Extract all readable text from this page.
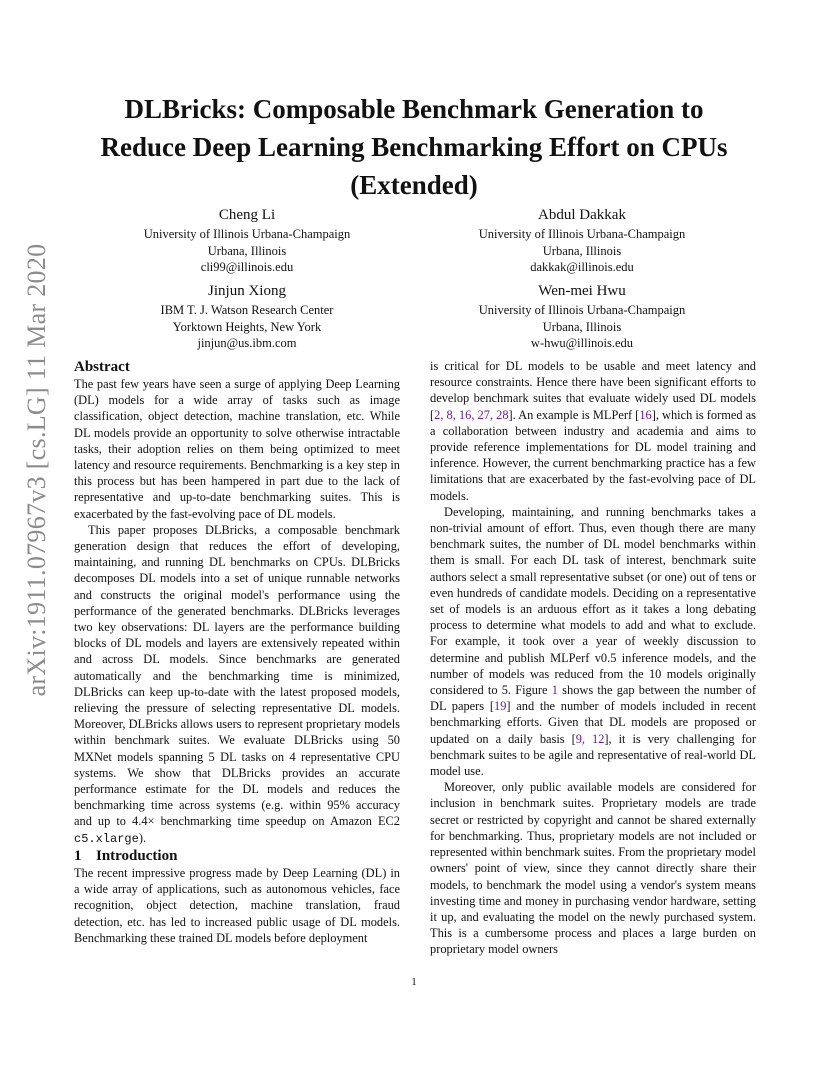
arXiv:1911.07967v3 [cs.LG] 11 Mar 2020
DLBricks: Composable Benchmark Generation to
Reduce Deep Learning Benchmarking Effort on CPUs
(Extended)
Cheng Li
University of Illinois Urbana-Champaign
Urbana, Illinois
cli99@illinois.edu
Abdul Dakkak
University of Illinois Urbana-Champaign
Urbana, Illinois
dakkak@illinois.edu
Jinjun Xiong
IBM T. J. Watson Research Center
Yorktown Heights, New York
jinjun@us.ibm.com
Wen-mei Hwu
University of Illinois Urbana-Champaign
Urbana, Illinois
w-hwu@illinois.edu
Abstract

The past few years have seen a surge of applying Deep Learning (DL) models for a wide array of tasks such as image classification, object detection, machine translation, etc. While DL models provide an opportunity to solve otherwise intractable tasks, their adoption relies on them being optimized to meet latency and resource requirements. Benchmarking is a key step in this process but has been hampered in part due to the lack of representative and up-to-date benchmarking suites. This is exacerbated by the fast-evolving pace of DL models.

This paper proposes DLBricks, a composable benchmark generation design that reduces the effort of developing, maintaining, and running DL benchmarks on CPUs. DLBricks decomposes DL models into a set of unique runnable networks and constructs the original model's performance using the performance of the generated benchmarks. DLBricks leverages two key observations: DL layers are the performance building blocks of DL models and layers are extensively repeated within and across DL models. Since benchmarks are generated automatically and the benchmarking time is minimized, DLBricks can keep up-to-date with the latest proposed models, relieving the pressure of selecting representative DL models. Moreover, DLBricks allows users to represent proprietary models within benchmark suites. We evaluate DLBricks using 50 MXNet models spanning 5 DL tasks on 4 representative CPU systems. We show that DLBricks provides an accurate performance estimate for the DL models and reduces the benchmarking time across systems (e.g. within 95% accuracy and up to 4.4× benchmarking time speedup on Amazon EC2 c5.xlarge).

1 Introduction

The recent impressive progress made by Deep Learning (DL) in a wide array of applications, such as autonomous vehicles, face recognition, object detection, machine translation, fraud detection, etc. has led to increased public usage of DL models. Benchmarking these trained DL models before deployment

is critical for DL models to be usable and meet latency and resource constraints. Hence there have been significant efforts to develop benchmark suites that evaluate widely used DL models [2, 8, 16, 27, 28]. An example is MLPerf [16], which is formed as a collaboration between industry and academia and aims to provide reference implementations for DL model training and inference. However, the current benchmarking practice has a few limitations that are exacerbated by the fast-evolving pace of DL models.

Developing, maintaining, and running benchmarks takes a non-trivial amount of effort. Thus, even though there are many benchmark suites, the number of DL model benchmarks within them is small. For each DL task of interest, benchmark suite authors select a small representative subset (or one) out of tens or even hundreds of candidate models. Deciding on a representative set of models is an arduous effort as it takes a long debating process to determine what models to add and what to exclude. For example, it took over a year of weekly discussion to determine and publish MLPerf v0.5 inference models, and the number of models was reduced from the 10 models originally considered to 5. Figure 1 shows the gap between the number of DL papers [19] and the number of models included in recent benchmarking efforts. Given that DL models are proposed or updated on a daily basis [9, 12], it is very challenging for benchmark suites to be agile and representative of real-world DL model use.

Moreover, only public available models are considered for inclusion in benchmark suites. Proprietary models are trade secret or restricted by copyright and cannot be shared externally for benchmarking. Thus, proprietary models are not included or represented within benchmark suites. From the proprietary model owners' point of view, since they cannot directly share their models, to benchmark the model using a vendor's system means investing time and money in purchasing vendor hardware, setting it up, and evaluating the model on the newly purchased system. This is a cumbersome process and places a large burden on proprietary model owners

1
